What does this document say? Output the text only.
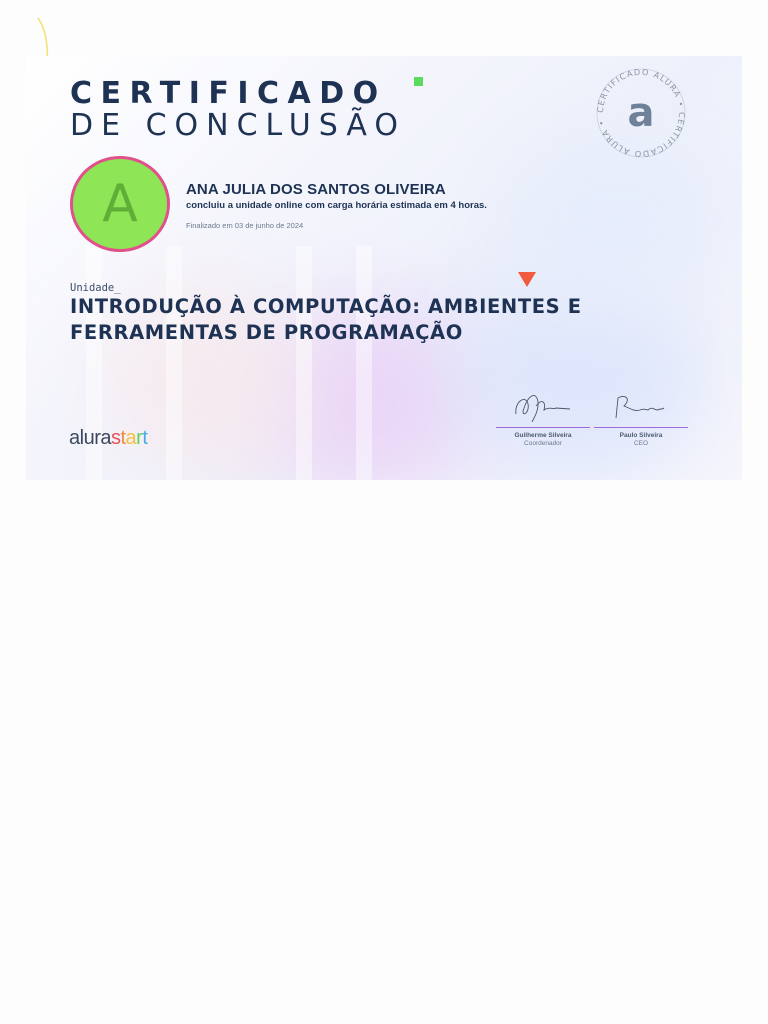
CERTIFICADO
DE CONCLUSÃO	CERTIFICADO ALURA • CERTIFICADO ALURA • a
A	ANA JULIA DOS SANTOS OLIVEIRA
concluiu a unidade online com carga horária estimada em 4 horas.
Finalizado em 03 de junho de 2024
Unidade_
INTRODUÇÃO À COMPUTAÇÃO: AMBIENTES E FERRAMENTAS DE PROGRAMAÇÃO
alurastart	Guilherme Silveira
Coordenador
Paulo Silveira
CEO
